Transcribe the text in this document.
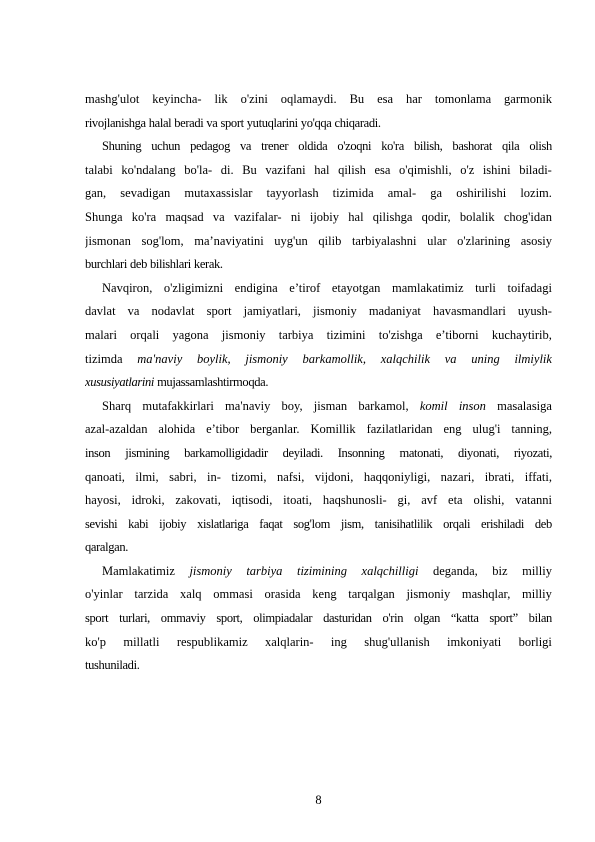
mashg'ulot keyincha- lik o'zini oqlamaydi. Bu esa har tomonlama garmonik
rivojlanishga halal beradi va sport yutuqlarini yo'qqa chiqaradi.
Shuning uchun pedagog va trener oldida o'zoqni ko'ra bilish, bashorat qila olish
talabi ko'ndalang bo'la- di. Bu vazifani hal qilish esa o'qimishli, o'z ishini biladi-
gan, sevadigan mutaxassislar tayyorlash tizimida amal- ga oshirilishi lozim.
Shunga ko'ra maqsad va vazifalar- ni ijobiy hal qilishga qodir, bolalik chog'idan
jismonan sog'lom, ma’naviyatini uyg'un qilib tarbiyalashni ular o'zlarining asosiy
burchlari deb bilishlari kerak.
Navqiron, o'zligimizni endigina e’tirof etayotgan mamlakatimiz turli toifadagi
davlat va nodavlat sport jamiyatlari, jismoniy madaniyat havasmandlari uyush-
malari orqali yagona jismoniy tarbiya tizimini to'zishga e’tiborni kuchaytirib,
tizimda ma'naviy boylik, jismoniy barkamollik, xalqchilik va uning ilmiylik
xususiyatlarini mujassamlashtirmoqda.
Sharq mutafakkirlari ma'naviy boy, jisman barkamol, komil inson masalasiga
azal-azaldan alohida e’tibor berganlar. Komillik fazilatlaridan eng ulug'i tanning,
inson jismining barkamolligidadir deyiladi. Insonning matonati, diyonati, riyozati,
qanoati, ilmi, sabri, in- tizomi, nafsi, vijdoni, haqqoniyligi, nazari, ibrati, iffati,
hayosi, idroki, zakovati, iqtisodi, itoati, haqshunosli- gi, avf eta olishi, vatanni
sevishi kabi ijobiy xislatlariga faqat sog'lom jism, tanisihatlilik orqali erishiladi deb
qaralgan.
Mamlakatimiz jismoniy tarbiya tizimining xalqchilligi deganda, biz milliy
o'yinlar tarzida xalq ommasi orasida keng tarqalgan jismoniy mashqlar, milliy
sport turlari, ommaviy sport, olimpiadalar dasturidan o'rin olgan “katta sport” bilan
ko'p millatli respublikamiz xalqlarin- ing shug'ullanish imkoniyati borligi
tushuniladi.
8
